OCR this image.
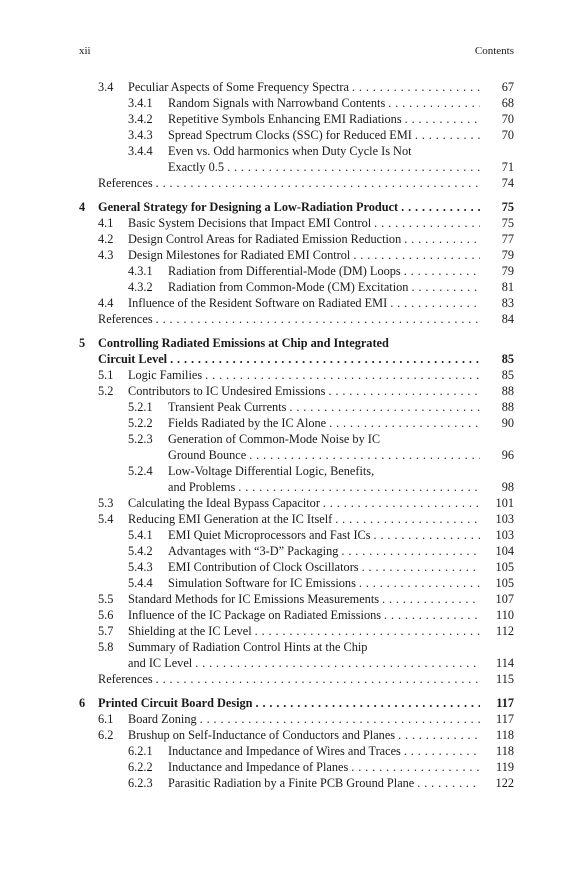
xii	Contents
3.4 Peculiar Aspects of Some Frequency Spectra . . .	67
3.4.1 Random Signals with Narrowband Contents . . .	68
3.4.2 Repetitive Symbols Enhancing EMI Radiations . . .	70
3.4.3 Spread Spectrum Clocks (SSC) for Reduced EMI . . .	70
3.4.4 Even vs. Odd harmonics when Duty Cycle Is Not
Exactly 0.5 . . .	71
References . . .	74
4 General Strategy for Designing a Low-Radiation Product . . .	75
4.1 Basic System Decisions that Impact EMI Control . . .	75
4.2 Design Control Areas for Radiated Emission Reduction . . .	77
4.3 Design Milestones for Radiated EMI Control . . .	79
4.3.1 Radiation from Differential-Mode (DM) Loops . . .	79
4.3.2 Radiation from Common-Mode (CM) Excitation . . .	81
4.4 Influence of the Resident Software on Radiated EMI . . .	83
References . . .	84
5 Controlling Radiated Emissions at Chip and Integrated
Circuit Level . . .	85
5.1 Logic Families . . .	85
5.2 Contributors to IC Undesired Emissions . . .	88
5.2.1 Transient Peak Currents . . .	88
5.2.2 Fields Radiated by the IC Alone . . .	90
5.2.3 Generation of Common-Mode Noise by IC
Ground Bounce . . .	96
5.2.4 Low-Voltage Differential Logic, Benefits,
and Problems . . .	98
5.3 Calculating the Ideal Bypass Capacitor . . .	101
5.4 Reducing EMI Generation at the IC Itself . . .	103
5.4.1 EMI Quiet Microprocessors and Fast ICs . . .	103
5.4.2 Advantages with “3-D” Packaging . . .	104
5.4.3 EMI Contribution of Clock Oscillators . . .	105
5.4.4 Simulation Software for IC Emissions . . .	105
5.5 Standard Methods for IC Emissions Measurements . . .	107
5.6 Influence of the IC Package on Radiated Emissions . . .	110
5.7 Shielding at the IC Level . . .	112
5.8 Summary of Radiation Control Hints at the Chip
and IC Level . . .	114
References . . .	115
6 Printed Circuit Board Design . . .	117
6.1 Board Zoning . . .	117
6.2 Brushup on Self-Inductance of Conductors and Planes . . .	118
6.2.1 Inductance and Impedance of Wires and Traces . . .	118
6.2.2 Inductance and Impedance of Planes . . .	119
6.2.3 Parasitic Radiation by a Finite PCB Ground Plane . . .	122
